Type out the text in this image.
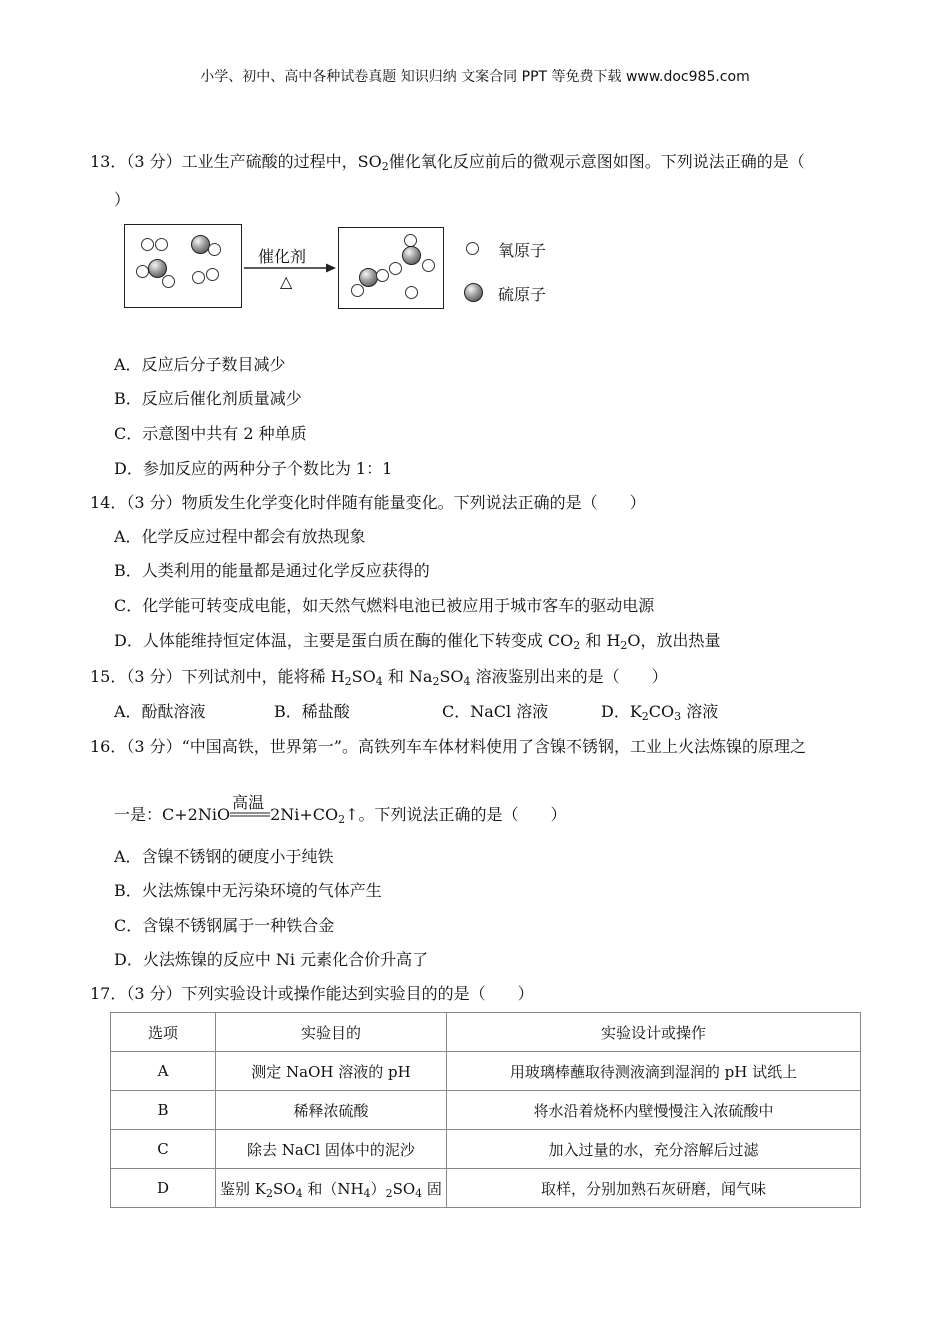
小学、初中、高中各种试卷真题 知识归纳 文案合同 PPT 等免费下载 www.doc985.com
13．（3 分）工业生产硫酸的过程中，$SO_2$催化氧化反应前后的微观示意图如图。下列说法正确的是（
）
催化剂
△
氧原子
硫原子
A．反应后分子数目减少
B．反应后催化剂质量减少
C．示意图中共有 2 种单质
D．参加反应的两种分子个数比为 1：1
14．（3 分）物质发生化学变化时伴随有能量变化。下列说法正确的是（　　）
A．化学反应过程中都会有放热现象
B．人类利用的能量都是通过化学反应获得的
C．化学能可转变成电能，如天然气燃料电池已被应用于城市客车的驱动电源
D．人体能维持恒定体温，主要是蛋白质在酶的催化下转变成 $CO_2$ 和 $H_2O$，放出热量
15．（3 分）下列试剂中，能将稀 $H_2SO_4$ 和 $Na_2SO_4$ 溶液鉴别出来的是（　　）
A．酚酞溶液	B．稀盐酸	C．NaCl 溶液	D．$K_2CO_3$ 溶液
16．（3 分）“中国高铁，世界第一”。高铁列车车体材料使用了含镍不锈钢，工业上火法炼镍的原理之
一是：C+2NiO
高温
$2Ni+CO_2↑$。下列说法正确的是（　　）
A．含镍不锈钢的硬度小于纯铁
B．火法炼镍中无污染环境的气体产生
C．含镍不锈钢属于一种铁合金
D．火法炼镍的反应中 Ni 元素化合价升高了
17．（3 分）下列实验设计或操作能达到实验目的的是（　　）
选项	实验目的	实验设计或操作
A	测定 NaOH 溶液的 pH	用玻璃棒蘸取待测液滴到湿润的 pH 试纸上
B	稀释浓硫酸	将水沿着烧杯内壁慢慢注入浓硫酸中
C	除去 NaCl 固体中的泥沙	加入过量的水，充分溶解后过滤
D	鉴别 $K_2SO_4$ 和$(NH_4)_2SO_4$ 固	取样，分别加熟石灰研磨，闻气味
